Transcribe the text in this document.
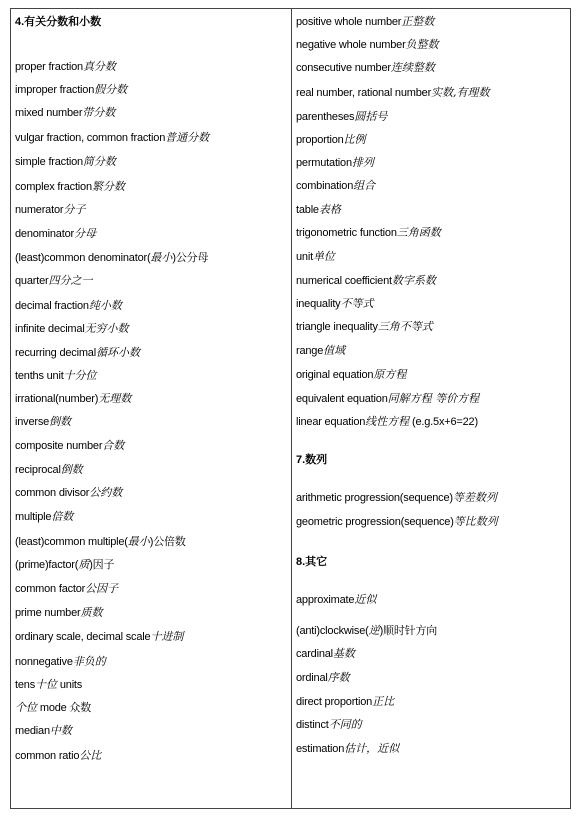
4.有关分数和小数
proper fraction真分数
improper fraction假分数
mixed number带分数
vulgar fraction, common fraction普通分数
simple fraction简分数
complex fraction繁分数
numerator分子
denominator分母
(least)common denominator(最小)公分母
quarter四分之一
decimal fraction纯小数
infinite decimal无穷小数
recurring decimal循环小数
tenths unit十分位
irrational(number)无理数
inverse倒数
composite number合数
reciprocal倒数
common divisor公约数
multiple倍数
(least)common multiple(最小)公倍数
(prime)factor(质)因子
common factor公因子
prime number质数
ordinary scale, decimal scale十进制
nonnegative非负的
tens十位 units
个位 mode 众数
median中数
common ratio公比
positive whole number正整数
negative whole number负整数
consecutive number连续整数
real number, rational number实数,有理数
parentheses圆括号
proportion比例
permutation排列
combination组合
table表格
trigonometric function三角函数
unit单位
numerical coefficient数字系数
inequality不等式
triangle inequality三角不等式
range值域
original equation原方程
equivalent equation同解方程 等价方程
linear equation线性方程 (e.g.5x+6=22)
7.数列
arithmetic progression(sequence)等差数列
geometric progression(sequence)等比数列
8.其它
approximate近似
(anti)clockwise(逆)顺时针方向
cardinal基数
ordinal序数
direct proportion正比
distinct不同的
estimation估计，近似
